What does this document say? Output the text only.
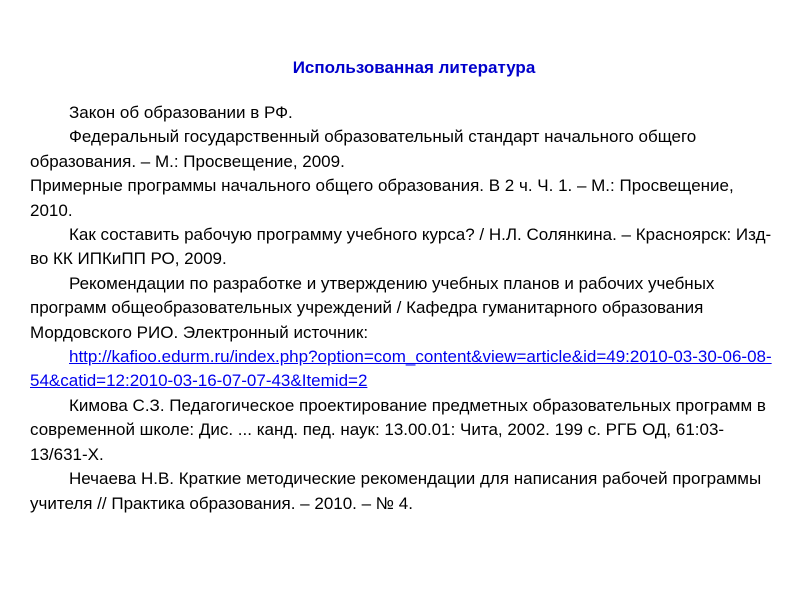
Использованная литература

Закон об образовании в РФ.

Федеральный государственный образовательный стандарт начального общего образования. – М.: Просвещение, 2009.

Примерные программы начального общего образования. В 2 ч. Ч. 1. – М.: Просвещение, 2010.

Как составить рабочую программу учебного курса? / Н.Л. Солянкина. – Красноярск: Изд-во КК ИПКиПП РО, 2009.

Рекомендации по разработке и утверждению учебных планов и рабочих учебных программ общеобразовательных учреждений / Кафедра гуманитарного образования Мордовского РИО. Электронный источник:

http://kafioo.edurm.ru/index.php?option=com_content&view=article&id=49:2010-03-30-06-08-54&catid=12:2010-03-16-07-07-43&Itemid=2

Кимова С.З. Педагогическое проектирование предметных образовательных программ в современной школе: Дис. ... канд. пед. наук: 13.00.01: Чита, 2002. 199 с. РГБ ОД, 61:03-13/631-X.

Нечаева Н.В. Краткие методические рекомендации для написания рабочей программы учителя // Практика образования. – 2010. – № 4.
